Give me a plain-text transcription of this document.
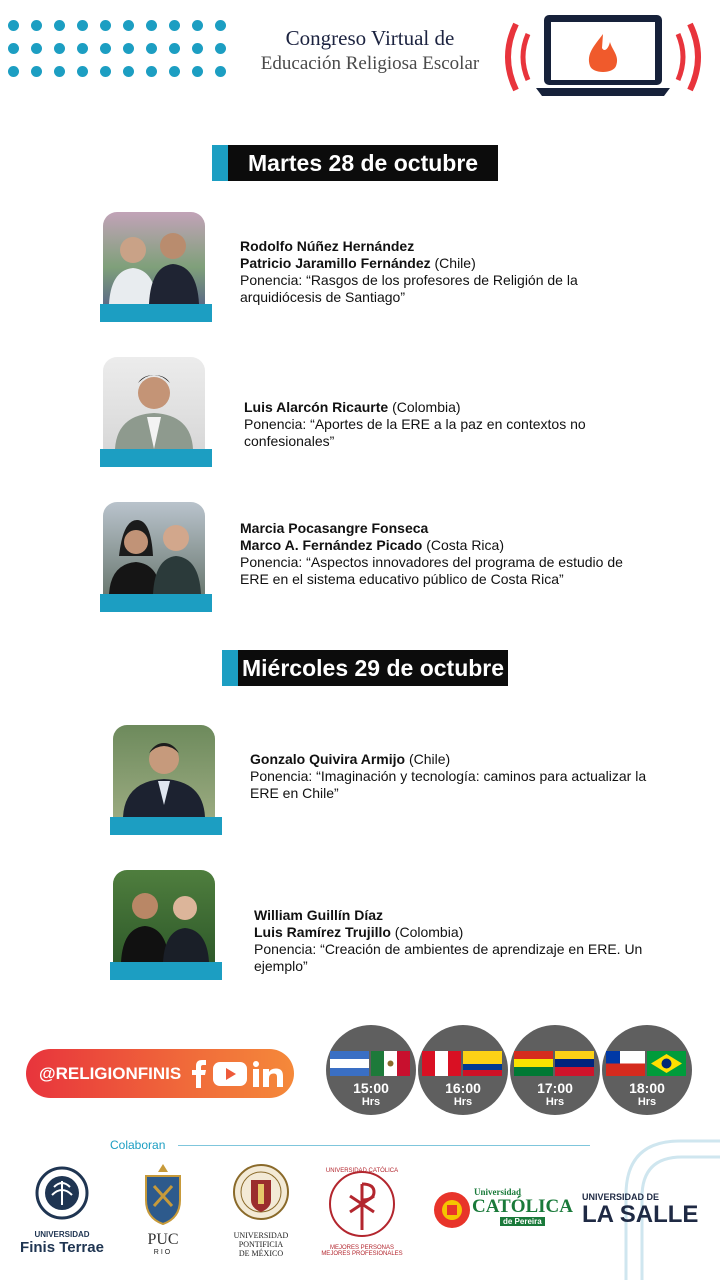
Congreso Virtual de
Educación Religiosa Escolar
Martes 28 de octubre
Rodolfo Núñez Hernández
Patricio Jaramillo Fernández (Chile)
Ponencia: “Rasgos de los profesores de Religión de la arquidiócesis de Santiago”
Luis Alarcón Ricaurte (Colombia)
Ponencia: “Aportes de la ERE a la paz en contextos no confesionales”
Marcia Pocasangre Fonseca
Marco A. Fernández Picado (Costa Rica)
Ponencia: “Aspectos innovadores del programa de estudio de ERE en el sistema educativo público de Costa Rica”
Miércoles 29 de octubre
Gonzalo Quivira Armijo (Chile)
Ponencia: “Imaginación y tecnología: caminos para actualizar la ERE en Chile”
William Guillín Díaz
Luis Ramírez Trujillo (Colombia)
Ponencia: “Creación de ambientes de aprendizaje en ERE. Un ejemplo”
@RELIGIONFINIS
15:00
Hrs
16:00
Hrs
17:00
Hrs
18:00
Hrs
Colaboran
UNIVERSIDAD
Finis Terrae	PUC
RIO
UNIVERSIDAD
PONTIFICIA
DE MÉXICO
UNIVERSIDAD CATÓLICA
MEJORES PERSONAS
MEJORES PROFESIONALES
Universidad
CATÓLICA
de Pereira
UNIVERSIDAD DE
LA SALLE
